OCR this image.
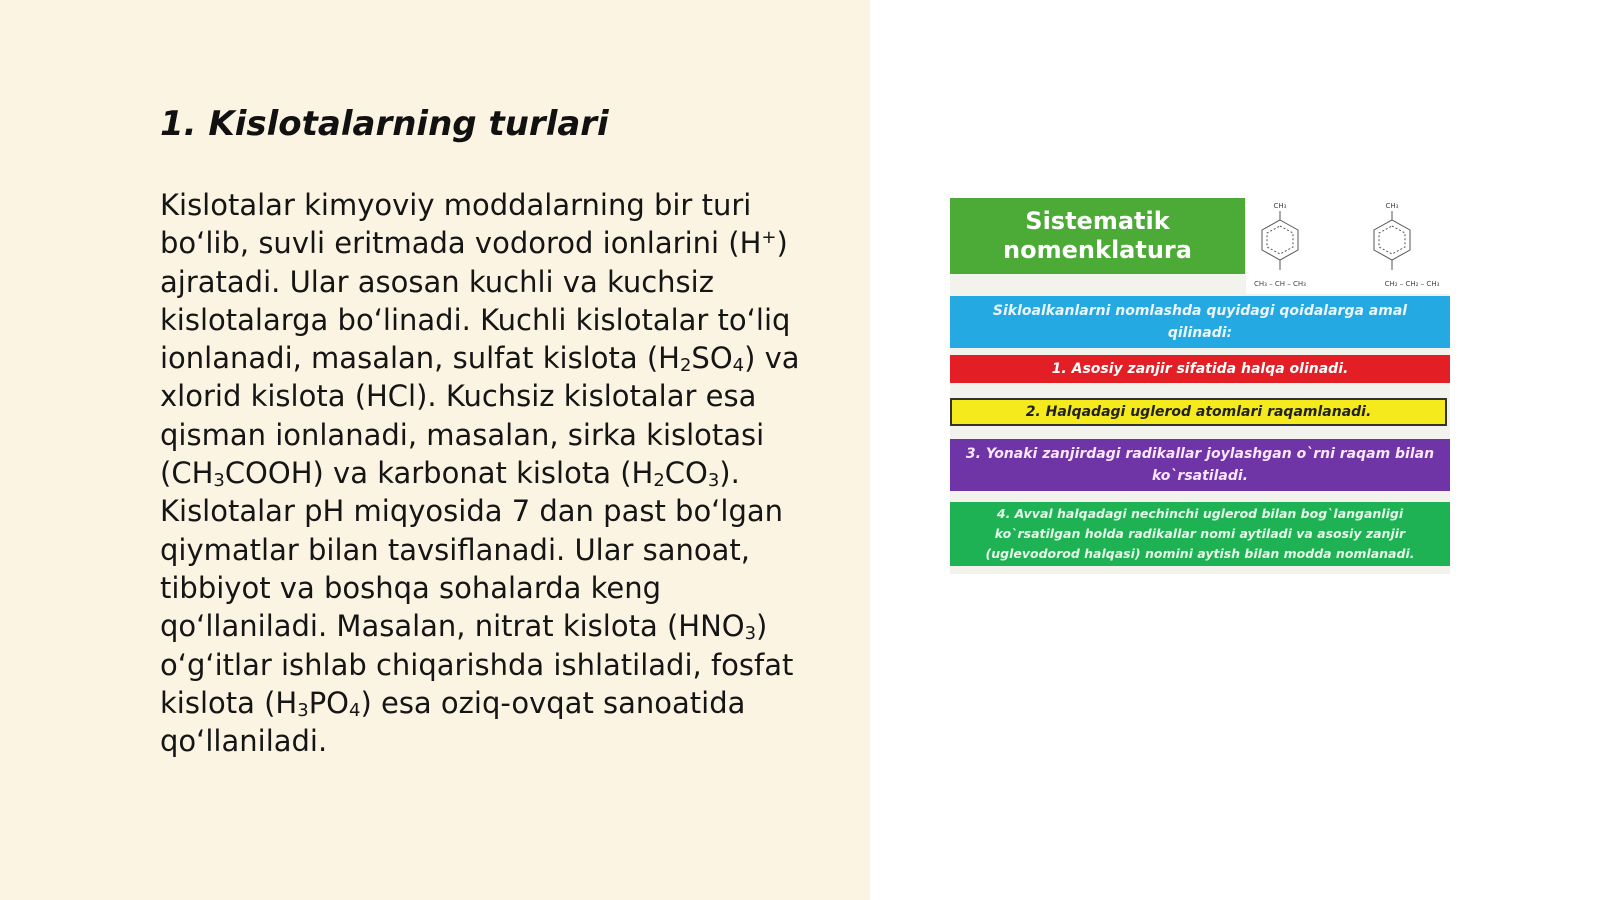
1. Kislotalarning turlari

Kislotalar kimyoviy moddalarning bir turi bo‘lib, suvli eritmada vodorod ionlarini (H+) ajratadi. Ular asosan kuchli va kuchsiz kislotalarga bo‘linadi. Kuchli kislotalar to‘liq ionlanadi, masalan, sulfat kislota $(H_2SO_4)$ va xlorid kislota (HCl). Kuchsiz kislotalar esa qisman ionlanadi, masalan, sirka kislotasi $(CH_3COOH)$ va karbonat kislota $(H_2CO_3)$. Kislotalar pH miqyosida 7 dan past bo‘lgan qiymatlar bilan tavsiflanadi. Ular sanoat, tibbiyot va boshqa sohalarda keng qo‘llaniladi. Masalan, nitrat kislota $(HNO_3)$ o‘g‘itlar ishlab chiqarishda ishlatiladi, fosfat kislota $(H_3PO_4)$ esa oziq-ovqat sanoatida qo‘llaniladi.

Sistematik
nomenklatura
CH₃
CH₃ – CH – CH₃
CH₃
CH₂ – CH₂ – CH₃
Sikloalkanlarni nomlashda quyidagi qoidalarga amal qilinadi:
1. Asosiy zanjir sifatida halqa olinadi.
2. Halqadagi uglerod atomlari raqamlanadi.
3. Yonaki zanjirdagi radikallar joylashgan o`rni raqam bilan ko`rsatiladi.
4. Avval halqadagi nechinchi uglerod bilan bog`langanligi ko`rsatilgan holda radikallar nomi aytiladi va asosiy zanjir (uglevodorod halqasi) nomini aytish bilan modda nomlanadi.
